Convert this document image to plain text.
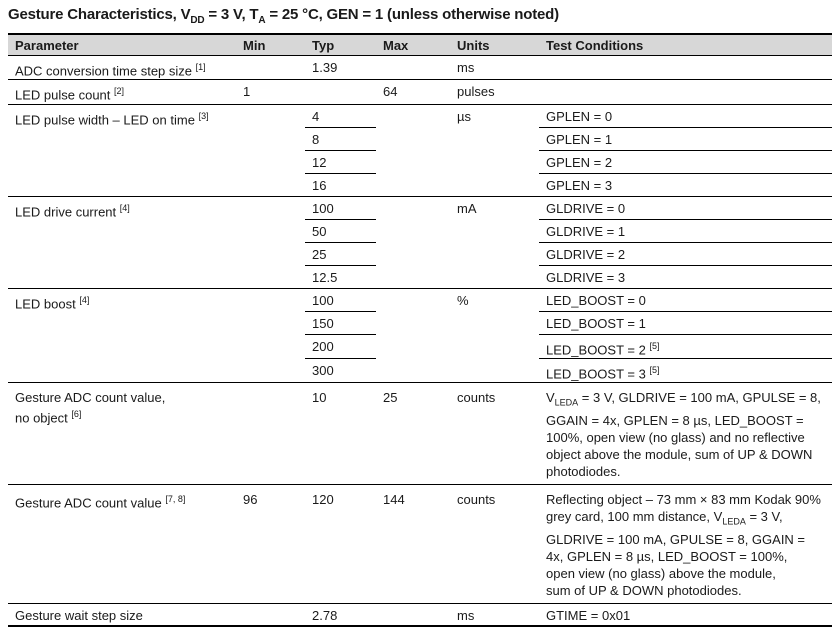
Gesture Characteristics, $V_{DD} = 3$ V, $T_A = 25$ °C, GEN = 1 (unless otherwise noted)
Parameter	Min	Typ	Max	Units	Test Conditions
ADC conversion time step size [1]		1.39		ms	
LED pulse count [2]	1		64	pulses	
LED pulse width – LED on time [3]		4		µs	GPLEN = 0
		8			GPLEN = 1
		12			GPLEN = 2
		16			GPLEN = 3
LED drive current [4]		100		mA	GLDRIVE = 0
		50			GLDRIVE = 1
		25			GLDRIVE = 2
		12.5			GLDRIVE = 3
LED boost [4]		100		%	LED_BOOST = 0
		150			LED_BOOST = 1
		200			LED_BOOST = 2 [5]
		300			LED_BOOST = 3 [5]
Gesture ADC count value,
no object [6]		10	25	counts	$V_{LEDA} = 3$ V, GLDRIVE = 100 mA, GPULSE = 8, GGAIN = 4x, GPLEN = 8 µs, LED_BOOST = 100%, open view (no glass) and no reflective object above the module, sum of UP & DOWN photodiodes.
Gesture ADC count value [7, 8]	96	120	144	counts	Reflecting object – 73 mm × 83 mm Kodak 90% grey card, 100 mm distance, $V_{LEDA} = 3$ V, GLDRIVE = 100 mA, GPULSE = 8, GGAIN = 4x, GPLEN = 8 µs, LED_BOOST = 100%,
open view (no glass) above the module,
sum of UP & DOWN photodiodes.
Gesture wait step size		2.78		ms	GTIME = 0x01
